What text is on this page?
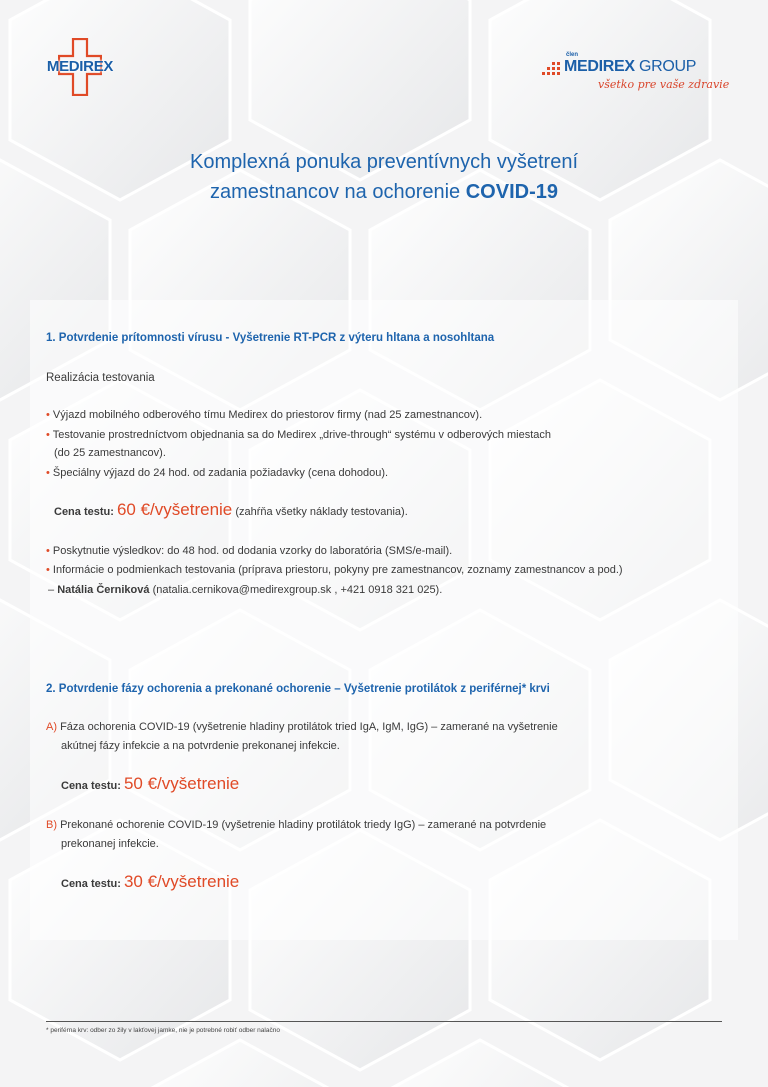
MEDIREX
člen
MEDIREX GROUP
všetko pre vaše zdravie
Komplexná ponuka preventívnych vyšetrení
zamestnancov na ochorenie COVID-19
1. Potvrdenie prítomnosti vírusu - Vyšetrenie RT-PCR z výteru hltana a nosohltana
Realizácia testovania
• Výjazd mobilného odberového tímu Medirex do priestorov firmy (nad 25 zamestnancov).
• Testovanie prostredníctvom objednania sa do Medirex „drive-through“ systému v odberových miestach
(do 25 zamestnancov).
• Špeciálny výjazd do 24 hod. od zadania požiadavky (cena dohodou).
Cena testu: 60 €/vyšetrenie (zahŕňa všetky náklady testovania).
• Poskytnutie výsledkov: do 48 hod. od dodania vzorky do laboratória (SMS/e-mail).
• Informácie o podmienkach testovania (príprava priestoru, pokyny pre zamestnancov, zoznamy zamestnancov a pod.)
– Natália Černiková (natalia.cernikova@medirexgroup.sk , +421 0918 321 025).
2. Potvrdenie fázy ochorenia a prekonané ochorenie – Vyšetrenie protilátok z periférnej* krvi
A) Fáza ochorenia COVID-19 (vyšetrenie hladiny protilátok tried IgA, IgM, IgG) – zamerané na vyšetrenie
akútnej fázy infekcie a na potvrdenie prekonanej infekcie.
Cena testu: 50 €/vyšetrenie
B) Prekonané ochorenie COVID-19 (vyšetrenie hladiny protilátok triedy IgG) – zamerané na potvrdenie
prekonanej infekcie.
Cena testu: 30 €/vyšetrenie
* periférna krv: odber zo žily v lakťovej jamke, nie je potrebné robiť odber nalačno
